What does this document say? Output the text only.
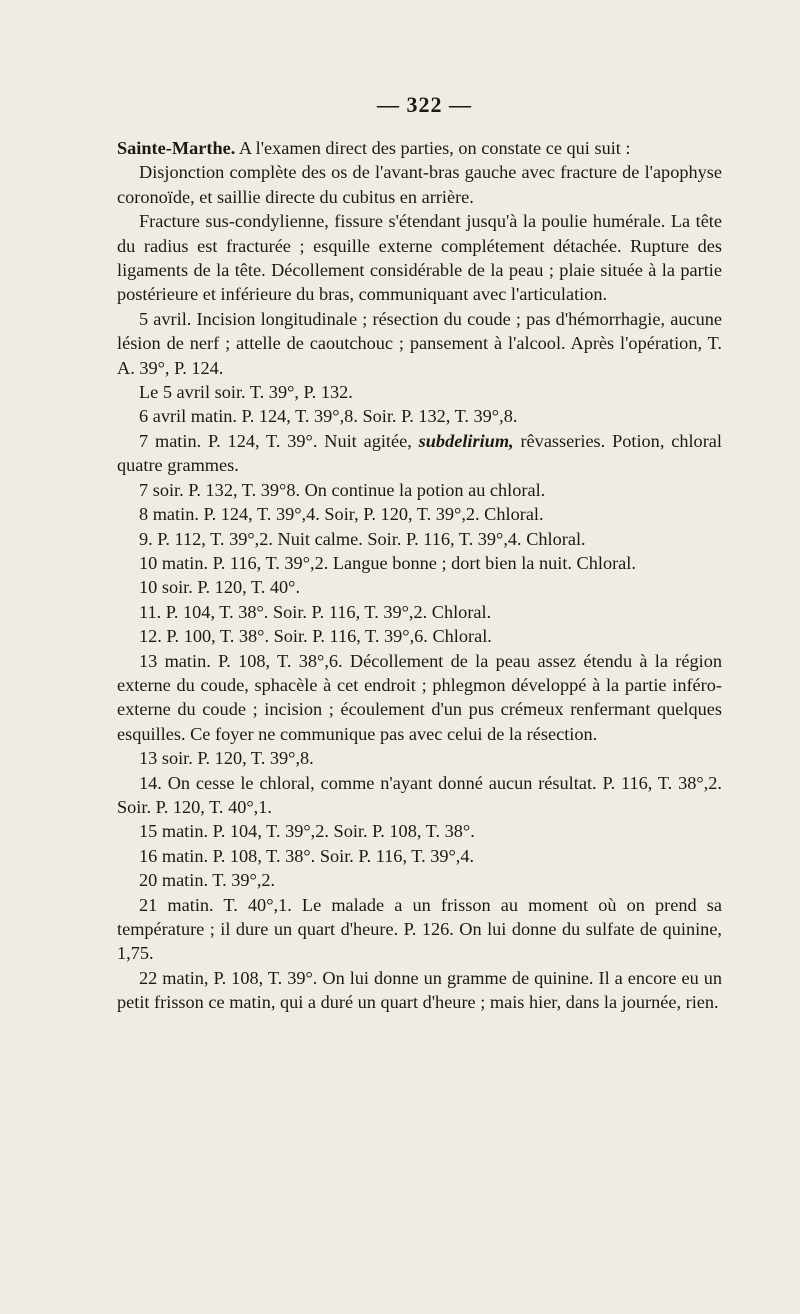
— 322 —

Sainte-Marthe. A l'examen direct des parties, on constate ce qui suit :

Disjonction complète des os de l'avant-bras gauche avec fracture de l'apophyse coronoïde, et saillie directe du cubitus en arrière.

Fracture sus-condylienne, fissure s'étendant jusqu'à la poulie humérale. La tête du radius est fracturée ; esquille externe complétement détachée. Rupture des ligaments de la tête. Décollement considérable de la peau ; plaie située à la partie postérieure et inférieure du bras, communiquant avec l'articulation.

5 avril. Incision longitudinale ; résection du coude ; pas d'hémorrhagie, aucune lésion de nerf ; attelle de caoutchouc ; pansement à l'alcool. Après l'opération, T. A. 39°, P. 124.

Le 5 avril soir. T. 39°, P. 132.

6 avril matin. P. 124, T. 39°,8. Soir. P. 132, T. 39°,8.

7 matin. P. 124, T. 39°. Nuit agitée, subdelirium, rêvasseries. Potion, chloral quatre grammes.

7 soir. P. 132, T. 39°8. On continue la potion au chloral.

8 matin. P. 124, T. 39°,4. Soir, P. 120, T. 39°,2. Chloral.

9. P. 112, T. 39°,2. Nuit calme. Soir. P. 116, T. 39°,4. Chloral.

10 matin. P. 116, T. 39°,2. Langue bonne ; dort bien la nuit. Chloral.

10 soir. P. 120, T. 40°.

11. P. 104, T. 38°. Soir. P. 116, T. 39°,2. Chloral.

12. P. 100, T. 38°. Soir. P. 116, T. 39°,6. Chloral.

13 matin. P. 108, T. 38°,6. Décollement de la peau assez étendu à la région externe du coude, sphacèle à cet endroit ; phlegmon développé à la partie inféro-externe du coude ; incision ; écoulement d'un pus crémeux renfermant quelques esquilles. Ce foyer ne communique pas avec celui de la résection.

13 soir. P. 120, T. 39°,8.

14. On cesse le chloral, comme n'ayant donné aucun résultat. P. 116, T. 38°,2. Soir. P. 120, T. 40°,1.

15 matin. P. 104, T. 39°,2. Soir. P. 108, T. 38°.

16 matin. P. 108, T. 38°. Soir. P. 116, T. 39°,4.

20 matin. T. 39°,2.

21 matin. T. 40°,1. Le malade a un frisson au moment où on prend sa température ; il dure un quart d'heure. P. 126. On lui donne du sulfate de quinine, 1,75.

22 matin, P. 108, T. 39°. On lui donne un gramme de quinine. Il a encore eu un petit frisson ce matin, qui a duré un quart d'heure ; mais hier, dans la journée, rien.
